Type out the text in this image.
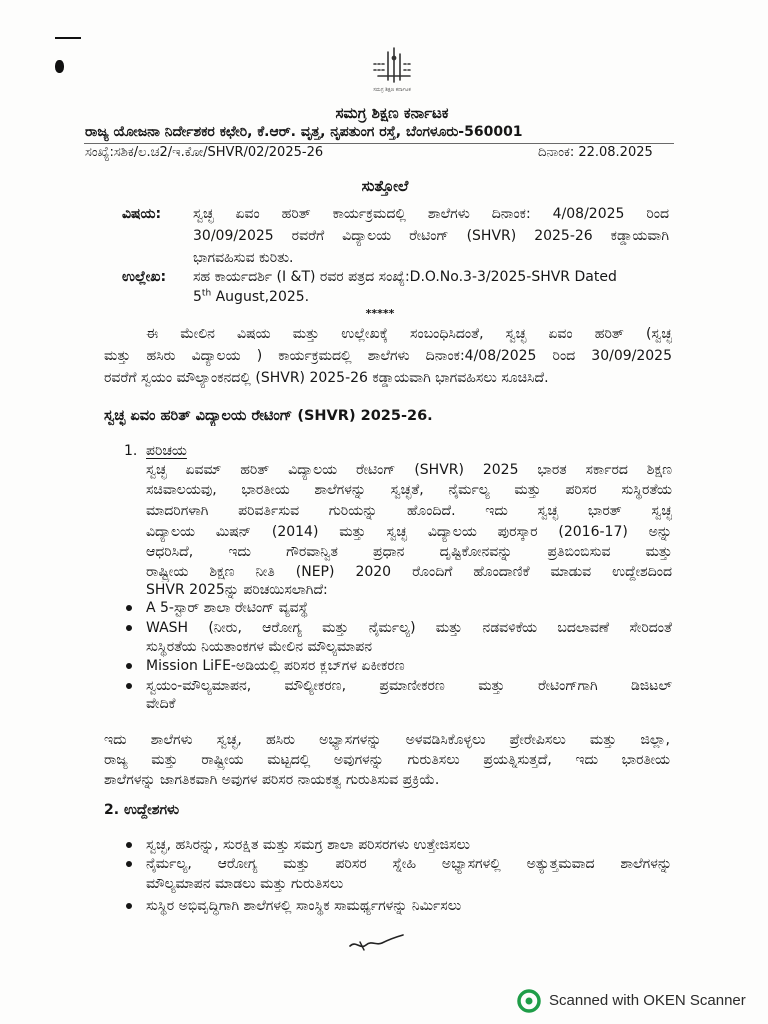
ಸಮಗ್ರ ಶಿಕ್ಷಣ ಕರ್ನಾಟಕ
ಸಮಗ್ರ ಶಿಕ್ಷಣ ಕರ್ನಾಟಕ
ರಾಜ್ಯ ಯೋಜನಾ ನಿರ್ದೇಶಕರ ಕಛೇರಿ, ಕೆ.ಆರ್. ವೃತ್ತ, ನೃಪತುಂಗ ರಸ್ತೆ, ಬೆಂಗಳೂರು-560001
ಸಂಖ್ಯೆ:ಸಶಿಕ/ಲ.ಚ2/ಇ.ಕೋ/SHVR/02/2025-26	ದಿನಾಂಕ: 22.08.2025
ಸುತ್ತೋಲೆ
ವಿಷಯ:	ಸ್ವಚ್ಛ ಏವಂ ಹರಿತ್ ಕಾರ್ಯಕ್ರಮದಲ್ಲಿ ಶಾಲೆಗಳು ದಿನಾಂಕ: 4/08/2025 ರಿಂದ
30/09/2025 ರವರೆಗೆ ವಿದ್ಯಾಲಯ ರೇಟಿಂಗ್ (SHVR) 2025-26 ಕಡ್ಡಾಯವಾಗಿ
ಭಾಗವಹಿಸುವ ಕುರಿತು.
ಉಲ್ಲೇಖ:	ಸಹ ಕಾರ್ಯದರ್ಶಿ (I &T) ರವರ ಪತ್ರದ ಸಂಖ್ಯೆ:D.O.No.3-3/2025-SHVR Dated
5th August,2025.
*****
ಈ ಮೇಲಿನ ವಿಷಯ ಮತ್ತು ಉಲ್ಲೇಖಕ್ಕೆ ಸಂಬಂಧಿಸಿದಂತೆ, ಸ್ವಚ್ಛ ಏವಂ ಹರಿತ್ (ಸ್ವಚ್ಛ
ಮತ್ತು ಹಸಿರು ವಿದ್ಯಾಲಯ ) ಕಾರ್ಯಕ್ರಮದಲ್ಲಿ ಶಾಲೆಗಳು ದಿನಾಂಕ:4/08/2025 ರಿಂದ 30/09/2025
ರವರೆಗೆ ಸ್ವಯಂ ಮೌಲ್ಯಾಂಕನದಲ್ಲಿ (SHVR) 2025-26 ಕಡ್ಡಾಯವಾಗಿ ಭಾಗವಹಿಸಲು ಸೂಚಿಸಿದೆ.
ಸ್ವಚ್ಛ ಏವಂ ಹರಿತ್ ವಿದ್ಯಾಲಯ ರೇಟಿಂಗ್ (SHVR) 2025-26.
1. ಪರಿಚಯ
ಸ್ವಚ್ಛ ಏವಮ್ ಹರಿತ್ ವಿದ್ಯಾಲಯ ರೇಟಿಂಗ್ (SHVR) 2025 ಭಾರತ ಸರ್ಕಾರದ ಶಿಕ್ಷಣ
ಸಚಿವಾಲಯವು, ಭಾರತೀಯ ಶಾಲೆಗಳನ್ನು ಸ್ವಚ್ಛತೆ, ನೈರ್ಮಲ್ಯ ಮತ್ತು ಪರಿಸರ ಸುಸ್ಥಿರತೆಯ
ಮಾದರಿಗಳಾಗಿ ಪರಿವರ್ತಿಸುವ ಗುರಿಯನ್ನು ಹೊಂದಿದೆ. ಇದು ಸ್ವಚ್ಛ ಭಾರತ್ ಸ್ವಚ್ಛ
ವಿದ್ಯಾಲಯ ಮಿಷನ್ (2014) ಮತ್ತು ಸ್ವಚ್ಛ ವಿದ್ಯಾಲಯ ಪುರಸ್ಕಾರ (2016-17) ಅನ್ನು
ಆಧರಿಸಿದೆ, ಇದು ಗೌರವಾನ್ವಿತ ಪ್ರಧಾನ ದೃಷ್ಟಿಕೋನವನ್ನು ಪ್ರತಿಬಿಂಬಿಸುವ ಮತ್ತು
ರಾಷ್ಟ್ರೀಯ ಶಿಕ್ಷಣ ನೀತಿ (NEP) 2020 ರೊಂದಿಗೆ ಹೊಂದಾಣಿಕೆ ಮಾಡುವ ಉದ್ದೇಶದಿಂದ
SHVR 2025ನ್ನು ಪರಿಚಯಿಸಲಾಗಿದೆ:
A 5-ಸ್ಟಾರ್ ಶಾಲಾ ರೇಟಿಂಗ್ ವ್ಯವಸ್ಥೆ
WASH (ನೀರು, ಆರೋಗ್ಯ ಮತ್ತು ನೈರ್ಮಲ್ಯ) ಮತ್ತು ನಡವಳಿಕೆಯ ಬದಲಾವಣೆ ಸೇರಿದಂತೆ
ಸುಸ್ಥಿರತೆಯ ನಿಯತಾಂಕಗಳ ಮೇಲಿನ ಮೌಲ್ಯಮಾಪನ
Mission LiFE-ಅಡಿಯಲ್ಲಿ ಪರಿಸರ ಕ್ಲಬ್‌ಗಳ ಏಕೀಕರಣ
ಸ್ವಯಂ-ಮೌಲ್ಯಮಾಪನ, ಮೌಲ್ಯೀಕರಣ, ಪ್ರಮಾಣೀಕರಣ ಮತ್ತು ರೇಟಿಂಗ್‌ಗಾಗಿ ಡಿಜಿಟಲ್
ವೇದಿಕೆ
ಇದು ಶಾಲೆಗಳು ಸ್ವಚ್ಛ, ಹಸಿರು ಅಭ್ಯಾಸಗಳನ್ನು ಅಳವಡಿಸಿಕೊಳ್ಳಲು ಪ್ರೇರೇಪಿಸಲು ಮತ್ತು ಜಿಲ್ಲಾ,
ರಾಜ್ಯ ಮತ್ತು ರಾಷ್ಟ್ರೀಯ ಮಟ್ಟದಲ್ಲಿ ಅವುಗಳನ್ನು ಗುರುತಿಸಲು ಪ್ರಯತ್ನಿಸುತ್ತದೆ, ಇದು ಭಾರತೀಯ
ಶಾಲೆಗಳನ್ನು ಜಾಗತಿಕವಾಗಿ ಅವುಗಳ ಪರಿಸರ ನಾಯಕತ್ವ ಗುರುತಿಸುವ ಪ್ರಕ್ರಿಯೆ.
2. ಉದ್ದೇಶಗಳು
ಸ್ವಚ್ಛ, ಹಸಿರನ್ನು, ಸುರಕ್ಷಿತ ಮತ್ತು ಸಮಗ್ರ ಶಾಲಾ ಪರಿಸರಗಳು ಉತ್ತೇಜಿಸಲು
ನೈರ್ಮಲ್ಯ, ಆರೋಗ್ಯ ಮತ್ತು ಪರಿಸರ ಸ್ನೇಹಿ ಅಭ್ಯಾಸಗಳಲ್ಲಿ ಅತ್ಯುತ್ತಮವಾದ ಶಾಲೆಗಳನ್ನು
ಮೌಲ್ಯಮಾಪನ ಮಾಡಲು ಮತ್ತು ಗುರುತಿಸಲು
ಸುಸ್ಥಿರ ಅಭಿವೃದ್ಧಿಗಾಗಿ ಶಾಲೆಗಳಲ್ಲಿ ಸಾಂಸ್ಥಿಕ ಸಾಮರ್ಥ್ಯಗಳನ್ನು ನಿರ್ಮಿಸಲು
Scanned with OKEN Scanner
